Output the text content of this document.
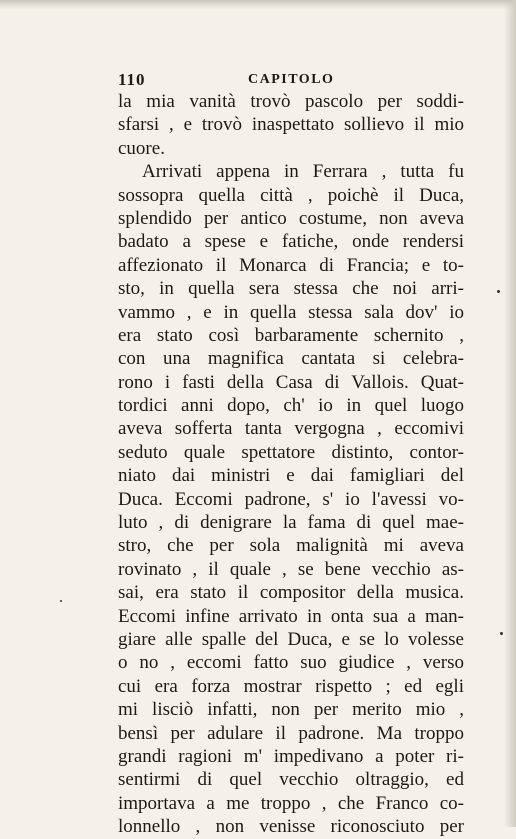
110	CAPITOLO
la mia vanità trovò pascolo per soddi-
sfarsi , e trovò inaspettato sollievo il mio
cuore.
Arrivati appena in Ferrara , tutta fu
sossopra quella città , poichè il Duca,
splendido per antico costume, non aveva
badato a spese e fatiche, onde rendersi
affezionato il Monarca di Francia; e to-
sto, in quella sera stessa che noi arri-
vammo , e in quella stessa sala dov' io
era stato così barbaramente schernito ,
con una magnifica cantata si celebra-
rono i fasti della Casa di Vallois. Quat-
tordici anni dopo, ch' io in quel luogo
aveva sofferta tanta vergogna , eccomivi
seduto quale spettatore distinto, contor-
niato dai ministri e dai famigliari del
Duca. Eccomi padrone, s' io l'avessi vo-
luto , di denigrare la fama di quel mae-
stro, che per sola malignità mi aveva
rovinato , il quale , se bene vecchio as-
sai, era stato il compositor della musica.
Eccomi infine arrivato in onta sua a man-
giare alle spalle del Duca, e se lo volesse
o no , eccomi fatto suo giudice , verso
cui era forza mostrar rispetto ; ed egli
mi lisciò infatti, non per merito mio ,
bensì per adulare il padrone. Ma troppo
grandi ragioni m' impedivano a poter ri-
sentirmi di quel vecchio oltraggio, ed
importava a me troppo , che Franco co-
lonnello , non venisse riconosciuto per
